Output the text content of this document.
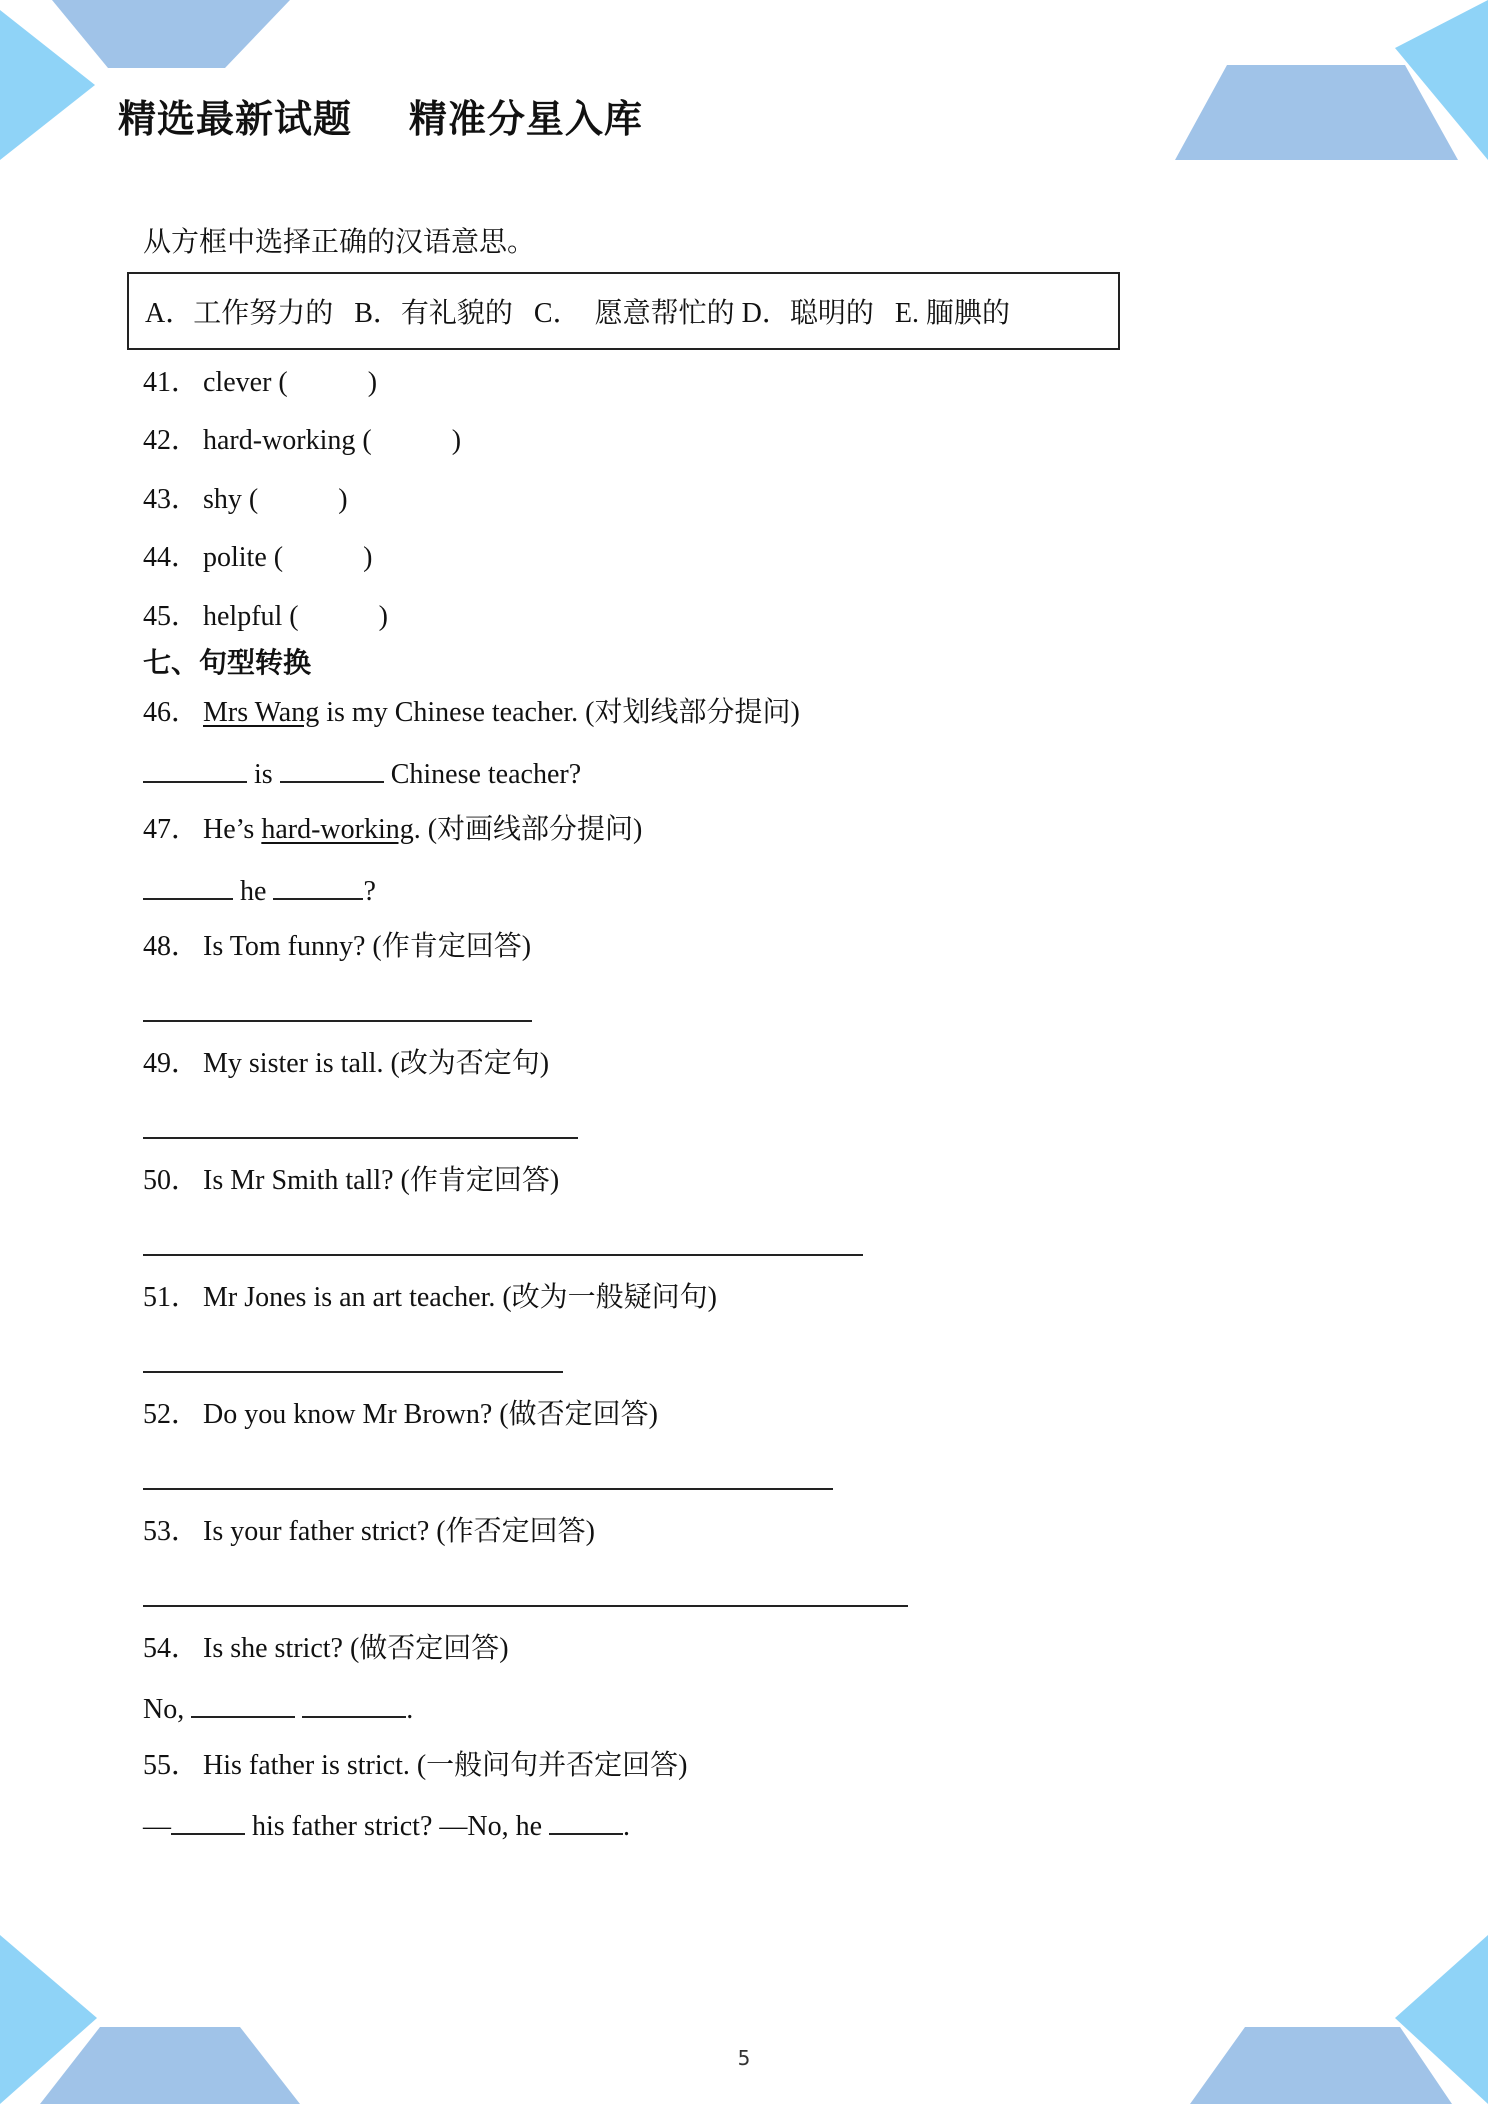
精选最新试题    精准分星入库
从方框中选择正确的汉语意思。
A．工作努力的
B．有礼貌的
C．  愿意帮忙的
D．聪明的
E. 腼腆的
41． clever (	)
42． hard-working (	)
43． shy (	)
44． polite (	)
45． helpful (	)
七、句型转换
46． Mrs Wang is my Chinese teacher. (对划线部分提问)
is	Chinese teacher?
47． He’s hard-working. (对画线部分提问)
he	?
48． Is Tom funny? (作肯定回答)
49． My sister is tall. (改为否定句)
50． Is Mr Smith tall? (作肯定回答)
51． Mr Jones is an art teacher. (改为一般疑问句)
52． Do you know Mr Brown? (做否定回答)
53． Is your father strict? (作否定回答)
54． Is she strict? (做否定回答)
No,	.
55． His father is strict. (一般问句并否定回答)
—	his father strict? —No, he	.
5
